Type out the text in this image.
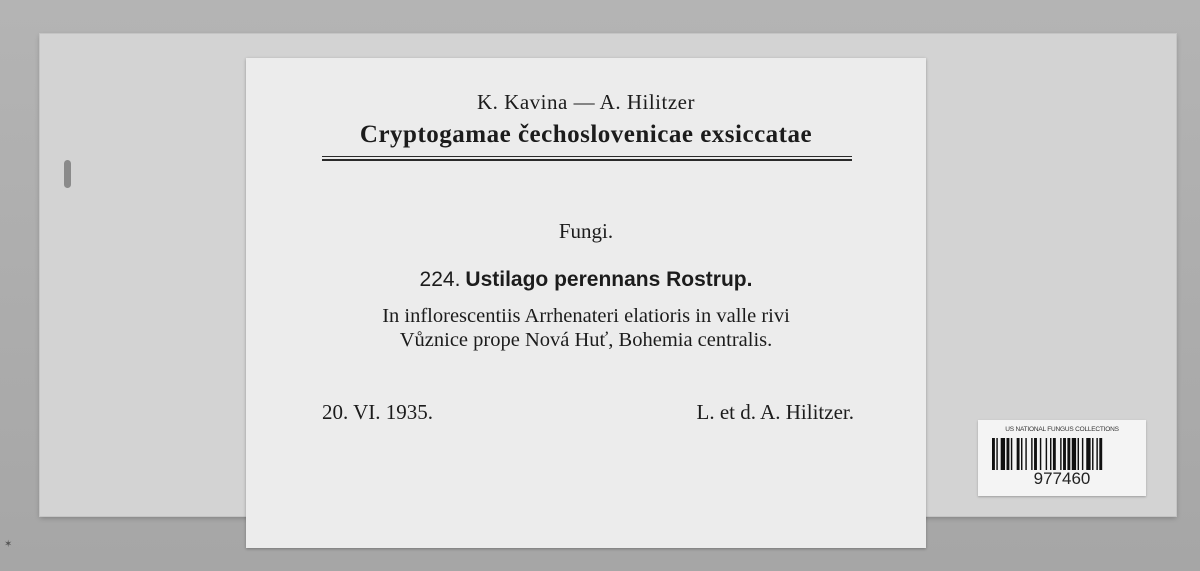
K. Kavina — A. Hilitzer
Cryptogamae čechoslovenicae exsiccatae
Fungi.
224. Ustilago perennans Rostrup.
In inflorescentiis Arrhenateri elatioris in valle rivi
Vůznice prope Nová Huť, Bohemia centralis.
20. VI. 1935.	L. et d. A. Hilitzer.
US NATIONAL FUNGUS COLLECTIONS
977460
✶
